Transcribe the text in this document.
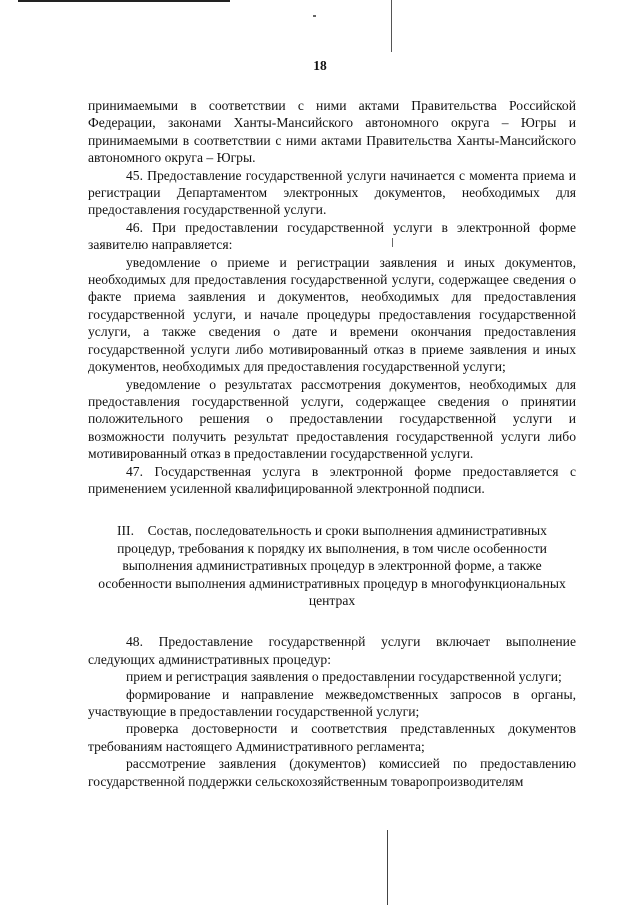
18

принимаемыми в соответствии с ними актами Правительства Российской Федерации, законами Ханты-Мансийского автономного округа – Югры и принимаемыми в соответствии с ними актами Правительства Ханты-Мансийского автономного округа – Югры.

45. Предоставление государственной услуги начинается с момента приема и регистрации Департаментом электронных документов, необходимых для предоставления государственной услуги.

46. При предоставлении государственной услуги в электронной форме заявителю направляется:

уведомление о приеме и регистрации заявления и иных документов, необходимых для предоставления государственной услуги, содержащее сведения о факте приема заявления и документов, необходимых для предоставления государственной услуги, и начале процедуры предоставления государственной услуги, а также сведения о дате и времени окончания предоставления государственной услуги либо мотивированный отказ в приеме заявления и иных документов, необходимых для предоставления государственной услуги;

уведомление о результатах рассмотрения документов, необходимых для предоставления государственной услуги, содержащее сведения о принятии положительного решения о предоставлении государственной услуги и возможности получить результат предоставления государственной услуги либо мотивированный отказ в предоставлении государственной услуги.

47. Государственная услуга в электронной форме предоставляется с применением усиленной квалифицированной электронной подписи.

III. Состав, последовательность и сроки выполнения административных процедур, требования к порядку их выполнения, в том числе особенности выполнения административных процедур в электронной форме, а также особенности выполнения административных процедур в многофункциональных центрах

48. Предоставление государственной услуги включает выполнение следующих административных процедур:

прием и регистрация заявления о предоставлении государственной услуги;

формирование и направление межведомственных запросов в органы, участвующие в предоставлении государственной услуги;

проверка достоверности и соответствия представленных документов требованиям настоящего Административного регламента;

рассмотрение заявления (документов) комиссией по предоставлению государственной поддержки сельскохозяйственным товаропроизводителям
